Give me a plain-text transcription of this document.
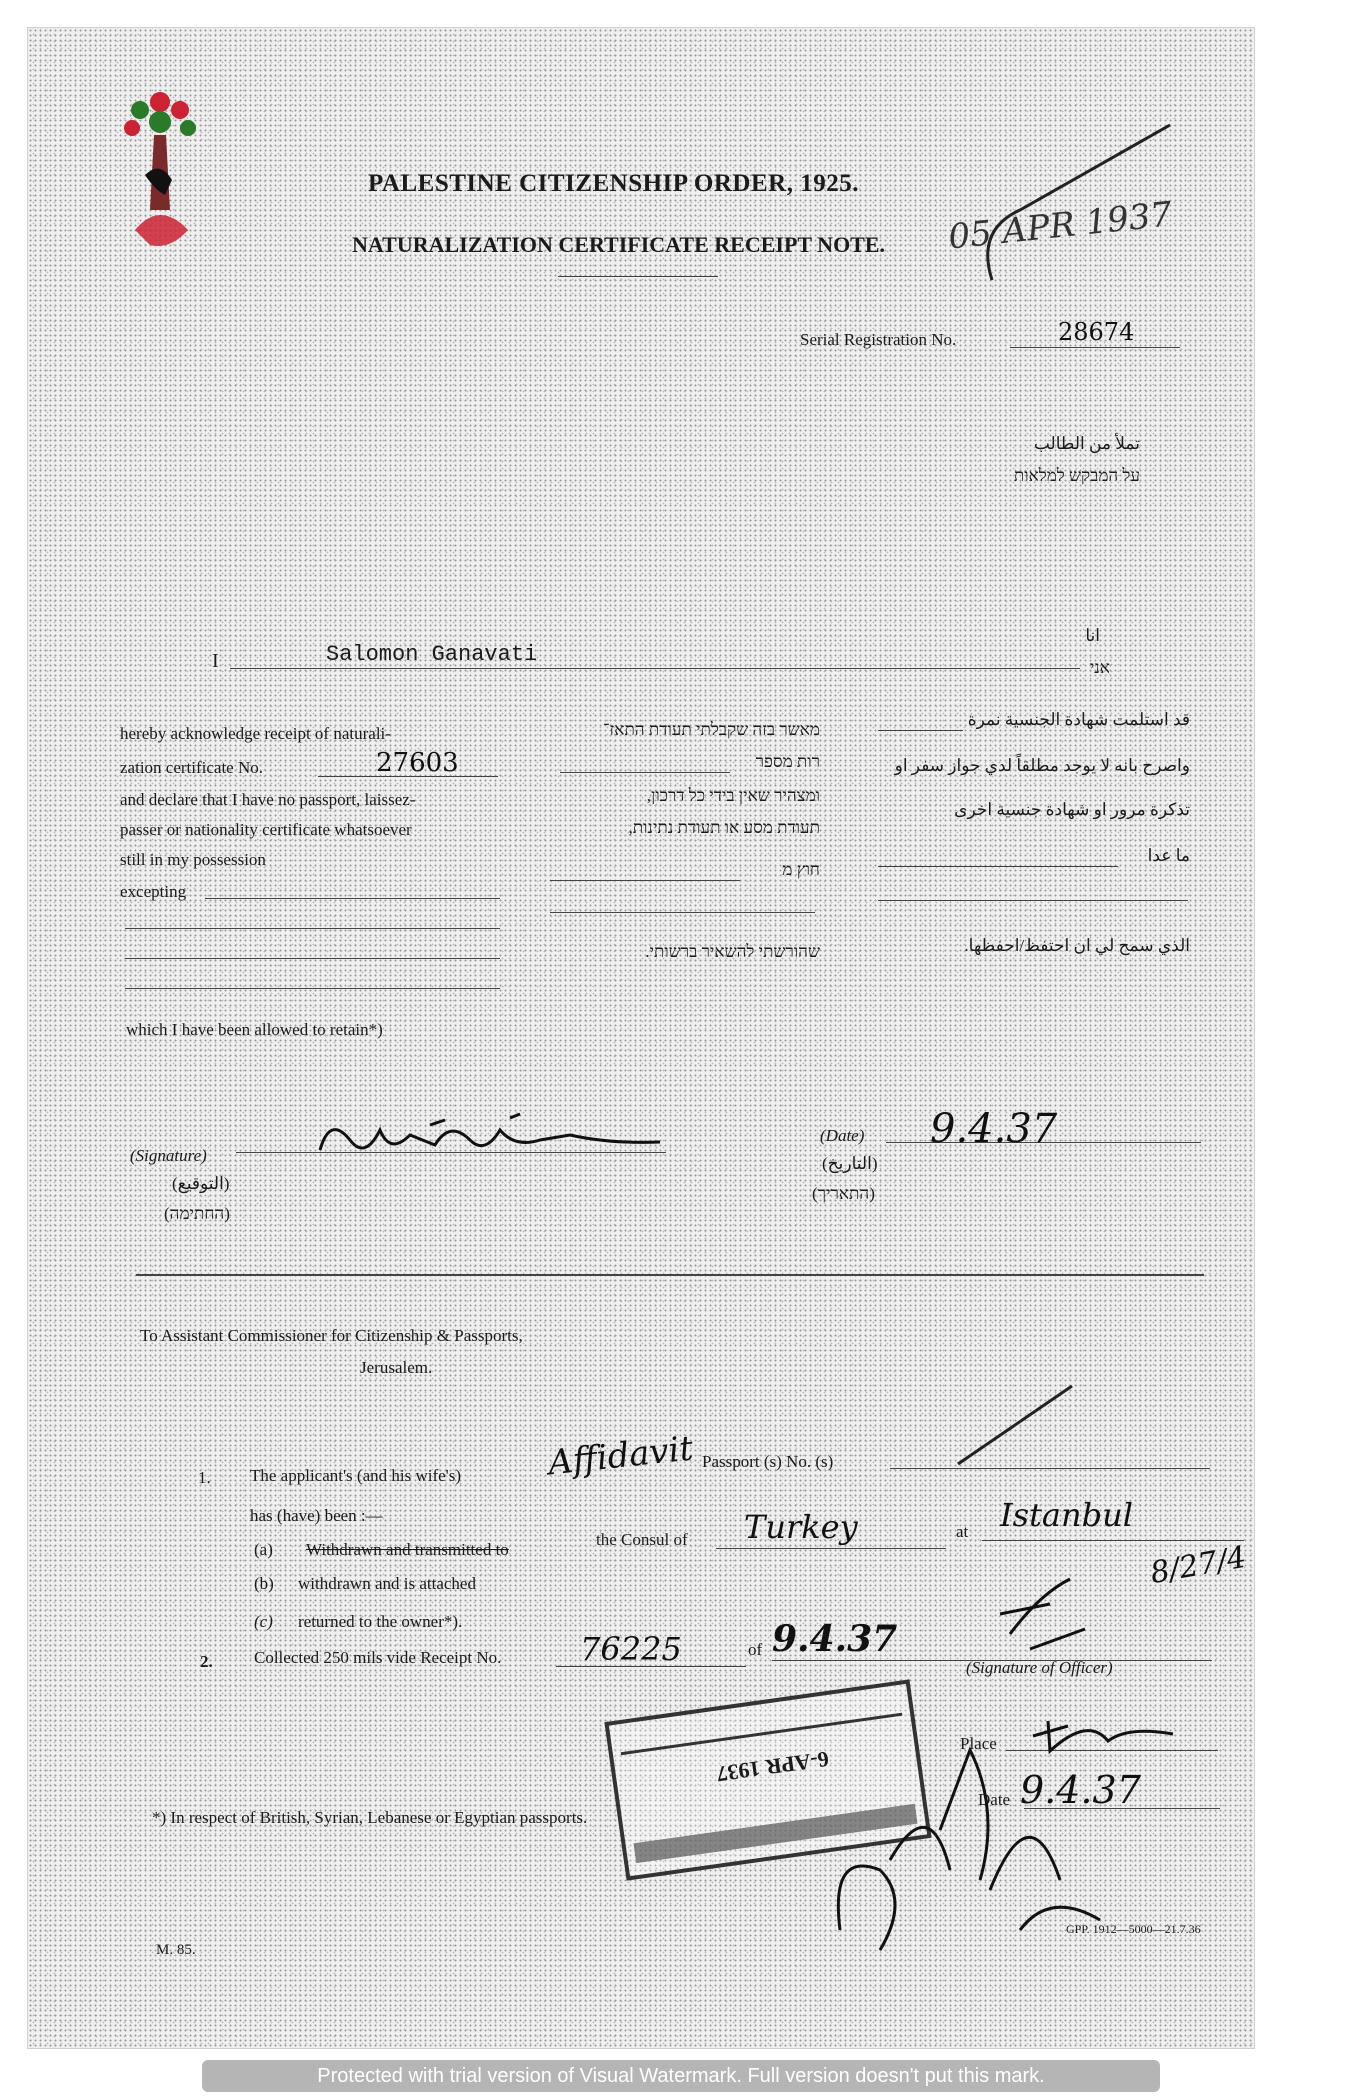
PALESTINE CITIZENSHIP ORDER, 1925.
NATURALIZATION CERTIFICATE RECEIPT NOTE. 05 APR 1937
Serial Registration No.	28674
تملأ من الطالب
על המבקש למלאות
انا
I	Salomon Ganavati
אני
hereby acknowledge receipt of naturali-
zation certificate No.	27603
and declare that I have no passport, laissez-
passer or nationality certificate whatsoever
still in my possession
excepting
which I have been allowed to retain*)
מאשר בזה שקבלתי תעודת התאז־
רות מספר
ומצהיר שאין בידי כל דרכון,
תעודת מסע או תעודת נתינות,
חוץ מ
שהורשתי להשאיר ברשותי.
قد استلمت شهادة الجنسية نمرة
واصرح بانه لا يوجد مطلقاً لدي جواز سفر او
تذكرة مرور او شهادة جنسية اخرى
ما عدا
الذي سمح لي ان احتفظ/احفظها.
(Signature)
(التوقيع)
(החתימה)
(Date)
(التاريخ)
(התאריך)
9.4.37
To Assistant Commissioner for Citizenship & Passports,
Jerusalem.
1. The applicant's (and his wife's)	Affidavit Passport (s) No. (s)
has (have) been :—
(a) Withdrawn and transmitted to
the Consul of Turkey	at Istanbul
8/27/4
(b) withdrawn and is attached
(c) returned to the owner*).
2. Collected 250 mils vide Receipt No. 76225	of 9.4.37
(Signature of Officer)
Place
Date 9.4.37
6-APR 1937
*) In respect of British, Syrian, Lebanese or Egyptian passports.
M. 85.
GPP. 1912—5000—21.7.36
Protected with trial version of Visual Watermark. Full version doesn't put this mark.
